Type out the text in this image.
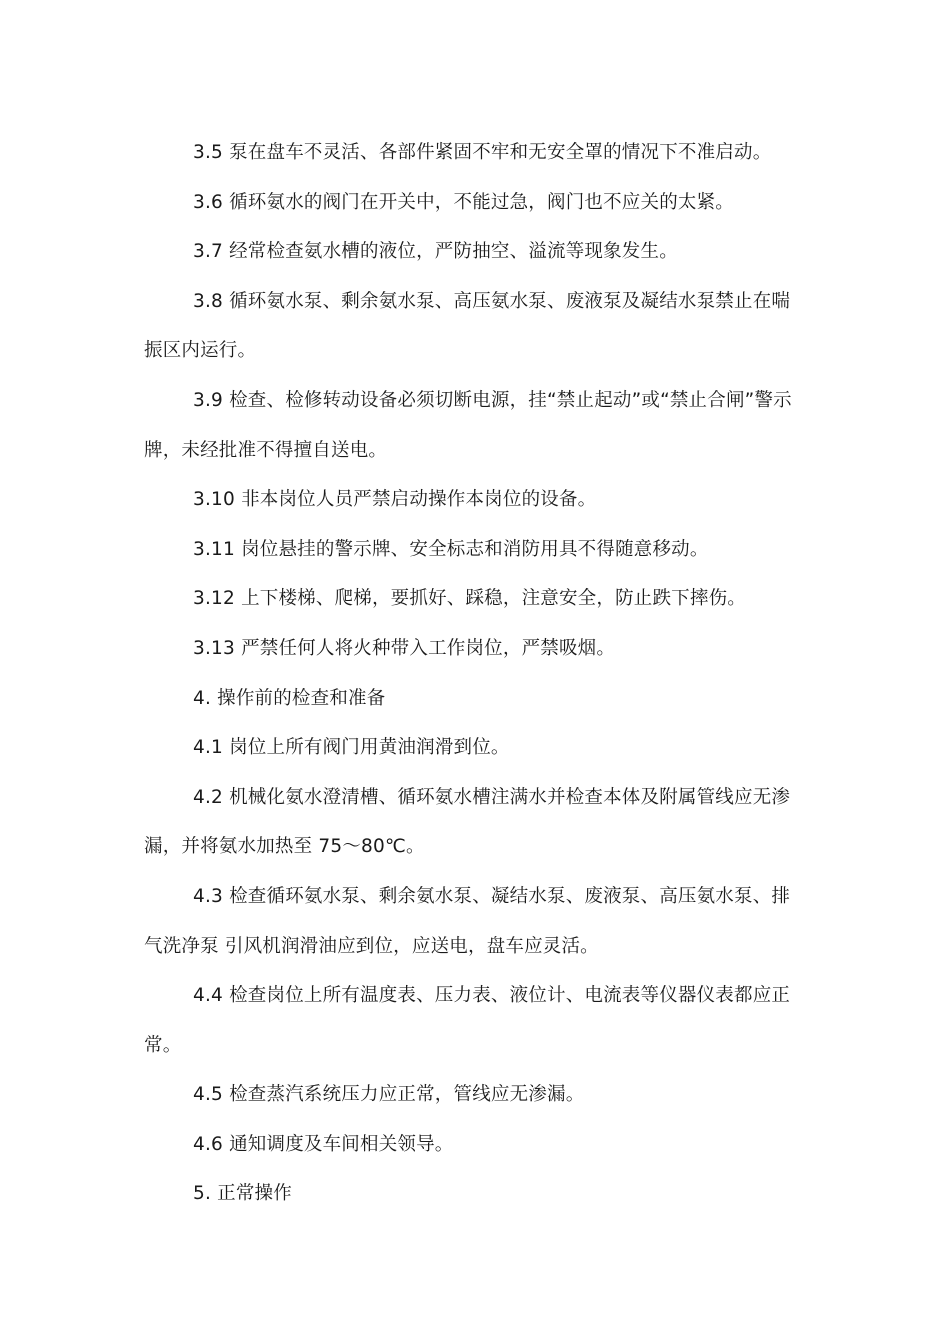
3.5 泵在盘车不灵活、各部件紧固不牢和无安全罩的情况下不准启动。

3.6 循环氨水的阀门在开关中，不能过急，阀门也不应关的太紧。

3.7 经常检查氨水槽的液位，严防抽空、溢流等现象发生。

3.8 循环氨水泵、剩余氨水泵、高压氨水泵、废液泵及凝结水泵禁止在喘振区内运行。

3.9 检查、检修转动设备必须切断电源，挂“禁止起动”或“禁止合闸”警示牌，未经批准不得擅自送电。

3.10 非本岗位人员严禁启动操作本岗位的设备。

3.11 岗位悬挂的警示牌、安全标志和消防用具不得随意移动。

3.12 上下楼梯、爬梯，要抓好、踩稳，注意安全，防止跌下摔伤。

3.13 严禁任何人将火种带入工作岗位，严禁吸烟。

4. 操作前的检查和准备

4.1 岗位上所有阀门用黄油润滑到位。

4.2 机械化氨水澄清槽、循环氨水槽注满水并检查本体及附属管线应无渗漏，并将氨水加热至 75～80℃。

4.3 检查循环氨水泵、剩余氨水泵、凝结水泵、废液泵、高压氨水泵、排气洗净泵 引风机润滑油应到位，应送电，盘车应灵活。

4.4 检查岗位上所有温度表、压力表、液位计、电流表等仪器仪表都应正常。

4.5 检查蒸汽系统压力应正常，管线应无渗漏。

4.6 通知调度及车间相关领导。

5. 正常操作
